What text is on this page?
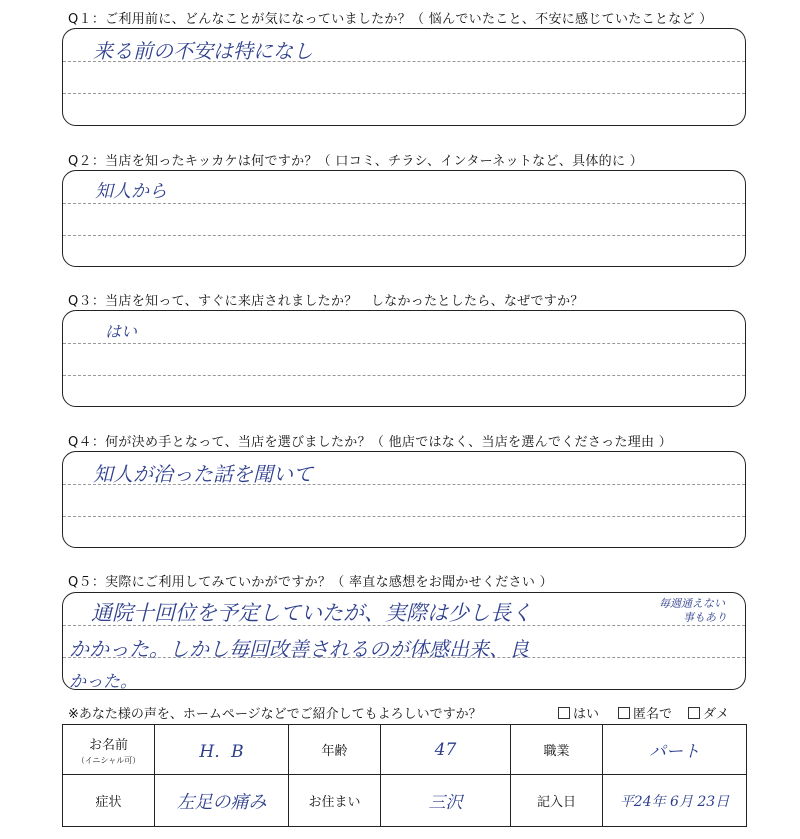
Q１：ご利用前に、どんなことが気になっていましたか？（ 悩んでいたこと、不安に感じていたことなど ）
来る前の不安は特になし
Q２：当店を知ったキッカケは何ですか？（ 口コミ、チラシ、インターネットなど、具体的に ）
知人から
Q３：当店を知って、すぐに来店されましたか？　しなかったとしたら、なぜですか？
はい
Q４：何が決め手となって、当店を選びましたか？（ 他店ではなく、当店を選んでくださった理由 ）
知人が治った話を聞いて
Q５：実際にご利用してみていかがですか？（ 率直な感想をお聞かせください ）
通院十回位を予定していたが、実際は少し長く
かかった。しかし毎回改善されるのが体感出来、良
かった。
毎週通えない
事もあり
※あなた様の声を、ホームページなどでご紹介してもよろしいですか？	はい	匿名で	ダメ
お名前
（イニシャル可）	H．B	年齢	47	職業	パート
症状	左足の痛み	お住まい	三沢	記入日	平24年 6月 23日
